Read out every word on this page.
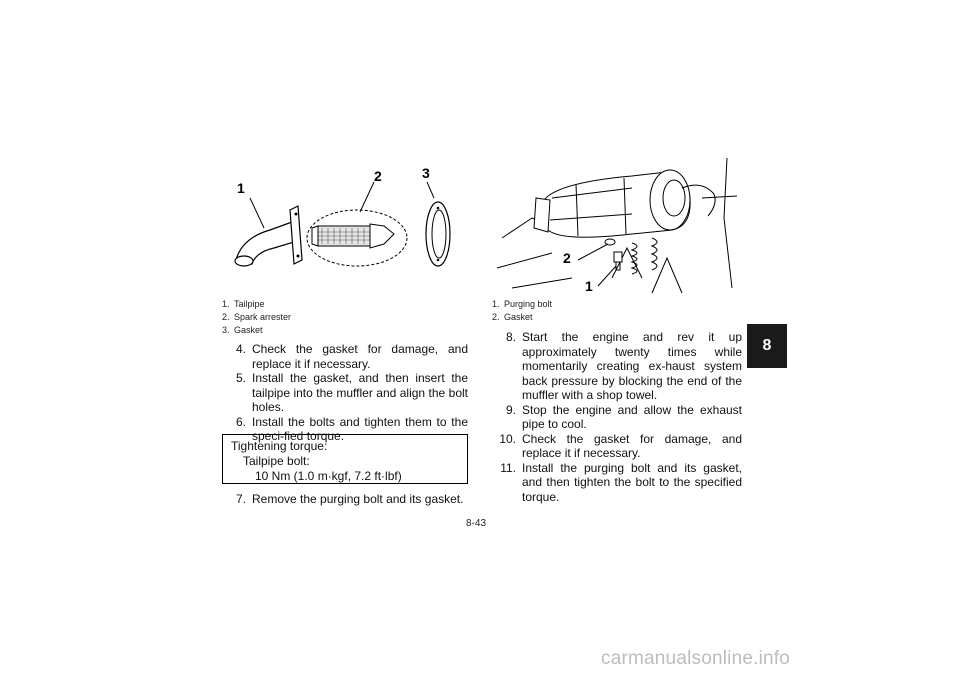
1
2	3
1. Tailpipe
2. Spark arrester
3. Gasket
2
1
1. Purging bolt
2. Gasket
4. Check the gasket for damage, and replace it if necessary.
5. Install the gasket, and then insert the tailpipe into the muffler and align the bolt holes.
6. Install the bolts and tighten them to the speci-fied torque.
Tightening torque:
Tailpipe bolt:
10 Nm (1.0 m·kgf, 7.2 ft·lbf)
7. Remove the purging bolt and its gasket.
8. Start the engine and rev it up approximately twenty times while momentarily creating ex-haust system back pressure by blocking the end of the muffler with a shop towel.
9. Stop the engine and allow the exhaust pipe to cool.
10. Check the gasket for damage, and replace it if necessary.
11. Install the purging bolt and its gasket, and then tighten the bolt to the specified torque.
8
8-43
carmanualsonline.info
